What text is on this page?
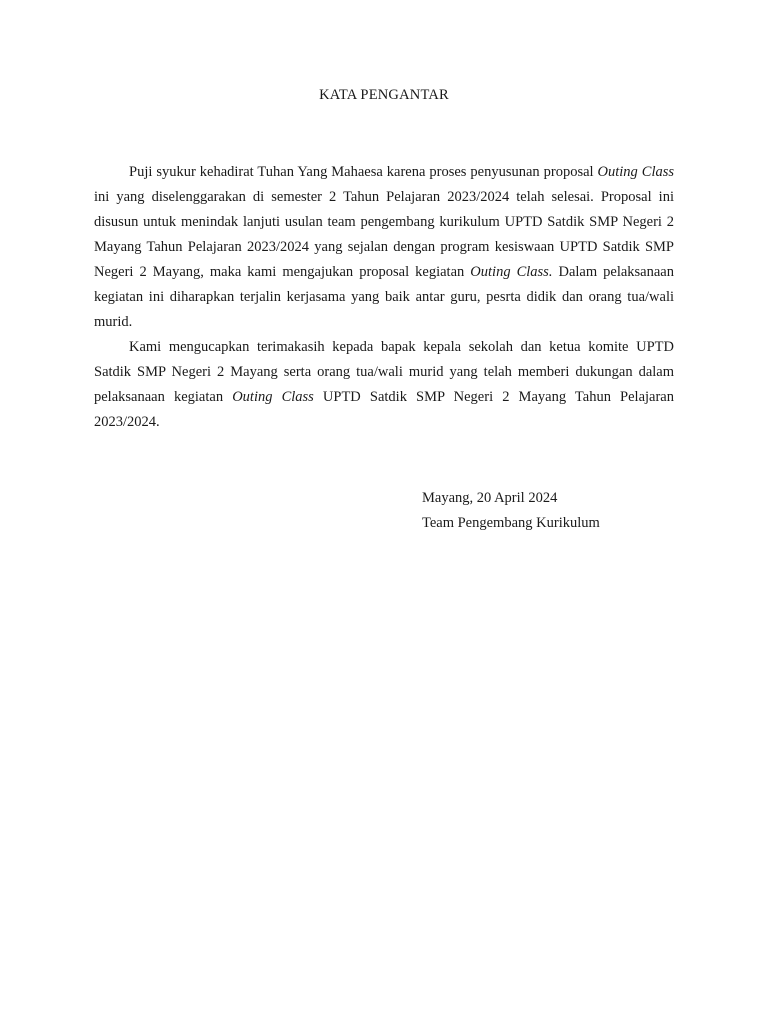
KATA PENGANTAR

Puji syukur kehadirat Tuhan Yang Mahaesa karena proses penyusunan proposal Outing Class ini yang diselenggarakan di semester 2 Tahun Pelajaran 2023/2024 telah selesai. Proposal ini disusun untuk menindak lanjuti usulan team pengembang kurikulum UPTD Satdik SMP Negeri 2 Mayang Tahun Pelajaran 2023/2024 yang sejalan dengan program kesiswaan UPTD Satdik SMP Negeri 2 Mayang, maka kami mengajukan proposal kegiatan Outing Class. Dalam pelaksanaan kegiatan ini diharapkan terjalin kerjasama yang baik antar guru, pesrta didik dan orang tua/wali murid.

Kami mengucapkan terimakasih kepada bapak kepala sekolah dan ketua komite UPTD Satdik SMP Negeri 2 Mayang serta orang tua/wali murid yang telah memberi dukungan dalam pelaksanaan kegiatan Outing Class UPTD Satdik SMP Negeri 2 Mayang Tahun Pelajaran 2023/2024.

Mayang, 20 April 2024
Team Pengembang Kurikulum
